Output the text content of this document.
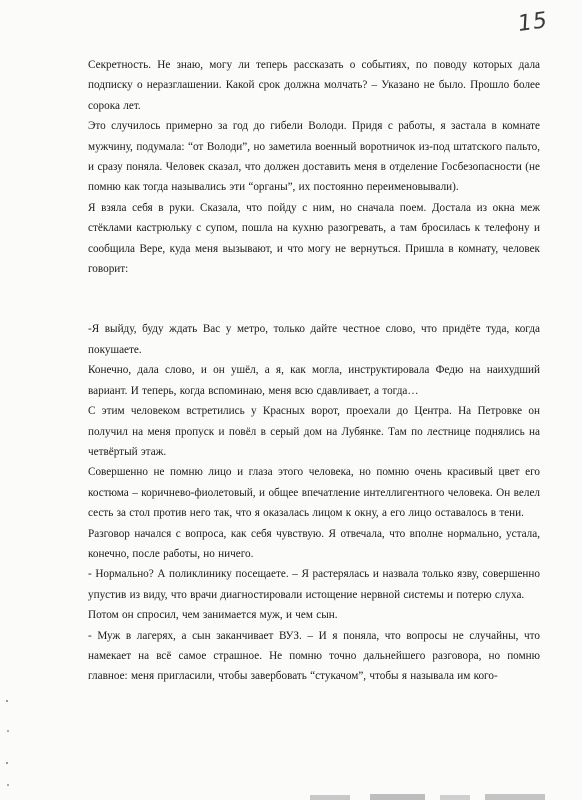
15

Секретность. Не знаю, могу ли теперь рассказать о событиях, по поводу которых дала подписку о неразглашении. Какой срок должна молчать? – Указано не было. Прошло более сорока лет.

Это случилось примерно за год до гибели Володи. Придя с работы, я застала в комнате мужчину, подумала: “от Володи”, но заметила военный воротничок из-под штатского пальто, и сразу поняла. Человек сказал, что должен доставить меня в отделение Госбезопасности (не помню как тогда назывались эти “органы”, их постоянно переименовывали).

Я взяла себя в руки. Сказала, что пойду с ним, но сначала поем. Достала из окна меж стёклами кастрюльку с супом, пошла на кухню разогревать, а там бросилась к телефону и сообщила Вере, куда меня вызывают, и что могу не вернуться. Пришла в комнату, человек говорит:

-Я выйду, буду ждать Вас у метро, только дайте честное слово, что придёте туда, когда покушаете.

Конечно, дала слово, и он ушёл, а я, как могла, инструктировала Федю на наихудший вариант. И теперь, когда вспоминаю, меня всю сдавливает, а тогда…

С этим человеком встретились у Красных ворот, проехали до Центра. На Петровке он получил на меня пропуск и повёл в серый дом на Лубянке. Там по лестнице поднялись на четвёртый этаж.

Совершенно не помню лицо и глаза этого человека, но помню очень красивый цвет его костюма – коричнево-фиолетовый, и общее впечатление интеллигентного человека. Он велел сесть за стол против него так, что я оказалась лицом к окну, а его лицо оставалось в тени.

Разговор начался с вопроса, как себя чувствую. Я отвечала, что вполне нормально, устала, конечно, после работы, но ничего.

- Нормально? А поликлинику посещаете. – Я растерялась и назвала только язву, совершенно упустив из виду, что врачи диагностировали истощение нервной системы и потерю слуха.

Потом он спросил, чем занимается муж, и чем сын.

- Муж в лагерях, а сын заканчивает ВУЗ. – И я поняла, что вопросы не случайны, что намекает на всё самое страшное. Не помню точно дальнейшего разговора, но помню главное: меня пригласили, чтобы завербовать “стукачом”, чтобы я называла им кого-
